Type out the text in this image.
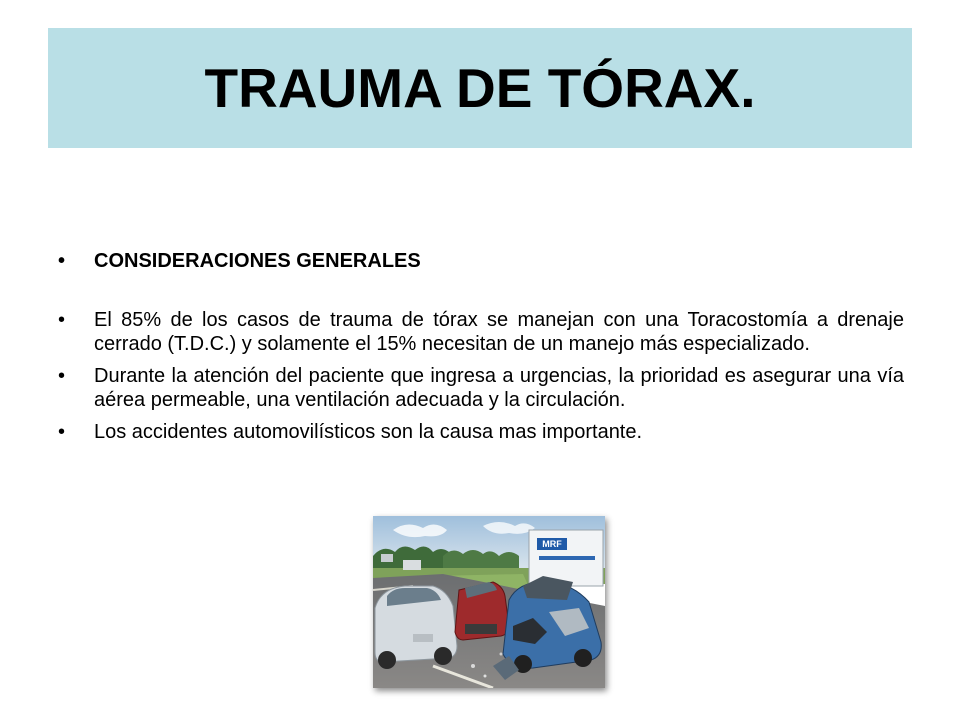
TRAUMA DE TÓRAX.
•	CONSIDERACIONES GENERALES
•	El 85% de los casos de trauma de tórax se manejan con una Toracostomía a drenaje cerrado (T.D.C.) y solamente el 15% necesitan de un manejo más especializado.
•	Durante la atención del paciente que ingresa a urgencias, la prioridad es asegurar una vía aérea permeable, una ventilación adecuada y la circulación.
•	Los accidentes automovilísticos son la causa mas importante.
MRF
